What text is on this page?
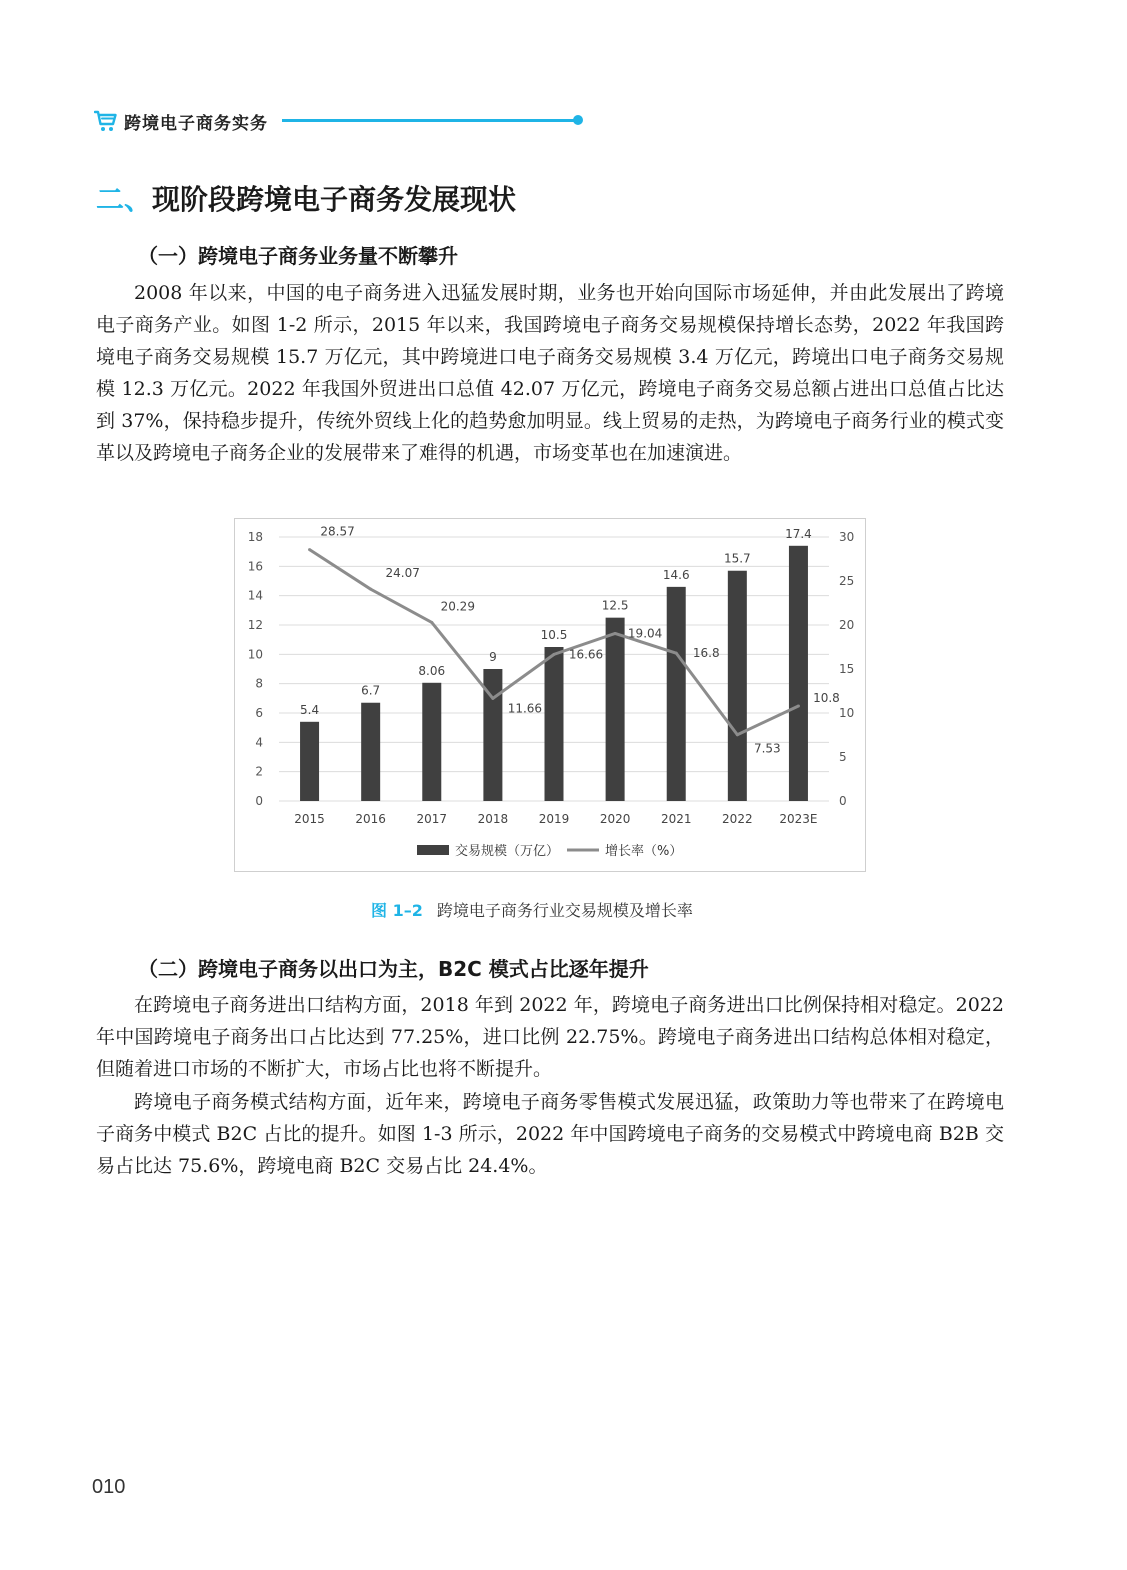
跨境电子商务实务
二、现阶段跨境电子商务发展现状
（一）跨境电子商务业务量不断攀升

2008 年以来，中国的电子商务进入迅猛发展时期，业务也开始向国际市场延伸，并由此发展出了跨境电子商务产业。如图 1-2 所示，2015 年以来，我国跨境电子商务交易规模保持增长态势，2022 年我国跨境电子商务交易规模 15.7 万亿元，其中跨境进口电子商务交易规模 3.4 万亿元，跨境出口电子商务交易规模 12.3 万亿元。2022 年我国外贸进出口总值 42.07 万亿元，跨境电子商务交易总额占进出口总值占比达到 37%，保持稳步提升，传统外贸线上化的趋势愈加明显。线上贸易的走热，为跨境电子商务行业的模式变革以及跨境电子商务企业的发展带来了难得的机遇，市场变革也在加速演进。

0
2
4
6
8
10
12
14
16
18
0
5
10
15
20
25
30
5.4
6.7
8.06
9
10.5
12.5
14.6
15.7
17.4
2015	2016	2017	2018	2019	2020	2021	2022 2023E
28.57
24.07
20.29
11.66
16.66
19.04
16.8
7.53
10.8
交易规模（万亿）	增长率（%）
图 1–2 跨境电子商务行业交易规模及增长率
（二）跨境电子商务以出口为主，B2C 模式占比逐年提升

在跨境电子商务进出口结构方面，2018 年到 2022 年，跨境电子商务进出口比例保持相对稳定。2022 年中国跨境电子商务出口占比达到 77.25%，进口比例 22.75%。跨境电子商务进出口结构总体相对稳定，但随着进口市场的不断扩大，市场占比也将不断提升。

跨境电子商务模式结构方面，近年来，跨境电子商务零售模式发展迅猛，政策助力等也带来了在跨境电子商务中模式 B2C 占比的提升。如图 1-3 所示，2022 年中国跨境电子商务的交易模式中跨境电商 B2B 交易占比达 75.6%，跨境电商 B2C 交易占比 24.4%。

010
